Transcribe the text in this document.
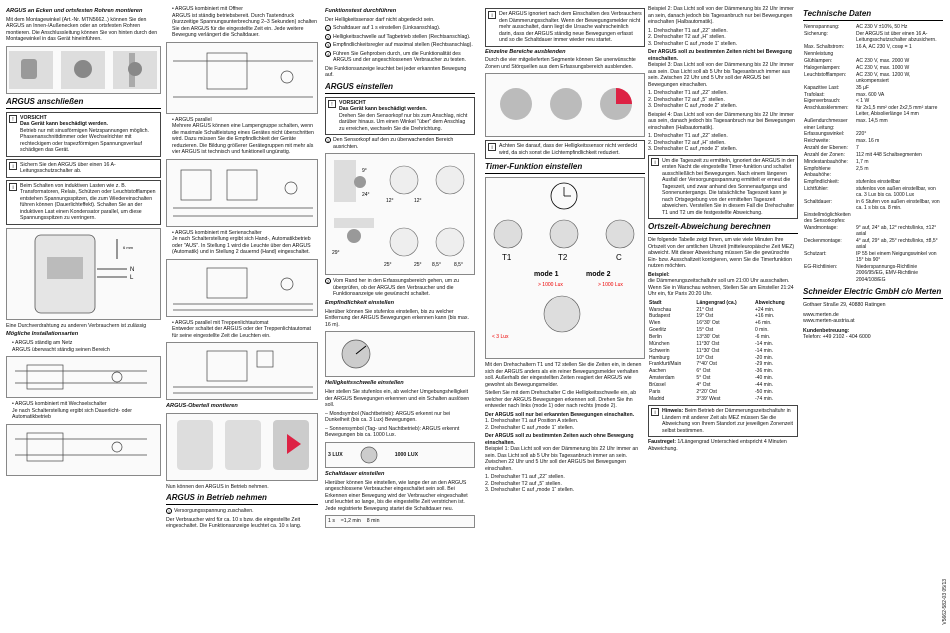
ARGUS an Ecken und ortsfesten Rohren montieren
Mit dem Montagewinkel (Art.-Nr. MTN5662..) können Sie den ARGUS an Innen-/Außenecken oder an ortsfesten Rohren montieren. Die Anschlussleitung können Sie von hinten durch den Montagewinkel in das Gerät hineinführen.
ARGUS anschließen
!	VORSICHT
Das Gerät kann beschädigt werden.
Betrieb nur mit sinusförmigen Netzspannungen möglich. Phasenanschnittdimmer oder Wechselrichter mit rechteckigem oder trapezförmigen Spannungsverlauf schädigen das Gerät.
i	Sichern Sie den ARGUS über einen 16 A-Leitungsschutzschalter ab.
i	Beim Schalten von induktiven Lasten wie z. B. Transformatoren, Relais, Schützen oder Leuchtstofflampen entstehen Spannungsspitzen, die zum Wiedereinschalten führen können (Dauerlichteffekt). Schalten Sie an der induktiven Last einen Kondensator parallel, um diese Spannungsspitzen zu verringern.
N
L
6 mm
Eine Durchverdrahtung zu anderen Verbrauchern ist zulässig
Mögliche Installationsarten
• ARGUS ständig am Netz
ARGUS überwacht ständig seinen Bereich
• ARGUS kombiniert mit Wechselschalter
Je nach Schalterstellung ergibt sich Dauerlicht- oder Automatikbetrieb
• ARGUS kombiniert mit Öffner
ARGUS ist ständig betriebsbereit. Durch Tastendruck (kurzzeitige Spannungsunterbrechung 2–3 Sekunden) schalten Sie den ARGUS für die eingestellte Zeit ein. Jede weitere Bewegung verlängert die Schaltdauer.
• ARGUS parallel
Mehrere ARGUS können eine Lampengruppe schalten, wenn die maximale Schaltleistung eines Gerätes nicht überschritten wird. Dazu müssen Sie die Empfindlichkeit der Geräte reduzieren. Die Bildung größerer Gerätegruppen mit mehr als vier ARGUS ist technisch und funktionell ungünstig.
• ARGUS kombiniert mit Serienschalter
Je nach Schalterstellung ergibt sich Hand-, Automatikbetrieb oder "AUS". In Stellung 1 wird die Leuchte über den ARGUS (Automatik) und in Stellung 2 dauernd (Hand) eingeschaltet.
• ARGUS parallel mit Treppenlichtautomat
Entweder schaltet der ARGUS oder der Treppenlichtautomat für seine eingestellte Zeit die Leuchten ein.
ARGUS-Oberteil montieren
Nun können den ARGUS in Betrieb nehmen.
ARGUS in Betrieb nehmen
1 Versorgungsspannung zuschalten.
Der Verbraucher wird für ca. 10 s bzw. die eingestellte Zeit eingeschaltet. Die Funktionsanzeige leuchtet ca. 10 s lang.
Funktionstest durchführen
Der Helligkeitssensor darf nicht abgedeckt sein.
1 Schaltdauer auf 1 s einstellen (Linksanschlag).
2 Helligkeitsschwelle auf Tagbetrieb stellen (Rechtsanschlag).
3 Empfindlichkeitsregler auf maximal stellen (Rechtsanschlag).
4 Führen Sie Gehproben durch, um die Funktionalität des ARGUS und der angeschlossenen Verbraucher zu testen.
Die Funktionsanzeige leuchtet bei jeder erkannten Bewegung auf.
ARGUS einstellen
!	VORSICHT
Das Gerät kann beschädigt werden.
Drehen Sie den Sensorkopf nur bis zum Anschlag, nicht darüber hinaus. Um einen Winkel "über" dem Anschlag zu erreichen, wechseln Sie die Drehrichtung.
1 Den Sensorkopf auf den zu überwachenden Bereich ausrichten.
9°
24°
12°	12°
29°
25°	25° 8,5°	8,5°
2 Vom Rand her in den Erfassungsbereich gehen, um zu überprüfen, ob der ARGUS den Verbraucher und die Funktionsanzeige wie gewünscht schaltet.
Empfindlichkeit einstellen
Hierüber können Sie stufenlos einstellen, bis zu welcher Entfernung der ARGUS Bewegungen erkennen kann (bis max. 16 m).
Helligkeitsschwelle einstellen
Hier stellen Sie stufenlos ein, ab welcher Umgebungshelligkeit der ARGUS Bewegungen erkennen und ein Schalten auslösen soll.
– Mondsymbol (Nachtbetrieb): ARGUS erkennt nur bei Dunkelheit (bis ca. 3 Lux) Bewegungen.
– Sonnensymbol (Tag- und Nachtbetrieb): ARGUS erkennt Bewegungen bis ca. 1000 Lux.
3 LUX	1000 LUX
Schaltdauer einstellen
Hierüber können Sie einstellen, wie lange der an den ARGUS angeschlossene Verbraucher eingeschaltet sein soll. Bei Erkennen einer Bewegung wird der Verbraucher eingeschaltet und leuchtet so lange, bis die eingestellte Zeit verstrichen ist. Jede registrierte Bewegung startet die Schaltdauer neu.
1 s ≈1,2 min 8 min
i	Der ARGUS ignoriert nach dem Einschalten des Verbrauchers den Dämmerungsschalter. Wenn der Bewegungsmelder nicht mehr ausschaltet, dann liegt die Ursache wahrscheinlich darin, dass der ARGUS ständig neue Bewegungen erfasst und so die Schaltdauer immer wieder neu startet.
Einzelne Bereiche ausblenden
Durch die vier mitgelieferten Segmente können Sie unerwünschte Zonen und Störquellen aus dem Erfassungsbereich ausblenden.
i	Achten Sie darauf, dass der Helligkeitssensor nicht verdeckt wird, da sich sonst die Lichtempfindlichkeit reduziert.
Timer-Funktion einstellen
T1	T2	C
mode 1	mode 2
> 1000 Lux	> 1000 Lux
< 3 Lux
Mit den Drehschaltern T1 und T2 stellen Sie die Zeiten ein, in denen sich der ARGUS anders als ein reiner Bewegungsmelder verhalten soll. Außerhalb der eingestellten Zeiten reagiert der ARGUS wie gewohnt als Bewegungsmelder.
Stellen Sie mit dem Drehschalter C die Helligkeitsschwelle ein, ab welcher der ARGUS Bewegungen erkennen soll. Drehen Sie ihn entweder nach links (mode 1) oder nach rechts (mode 2).
Der ARGUS soll nur bei erkannten Bewegungen einschalten.
1. Drehschalter T1 auf Position A stellen.
2. Drehschalter C auf „mode 1“ stellen.
Der ARGUS soll zu bestimmten Zeiten auch ohne Bewegung einschalten.
Beispiel 1: Das Licht soll von der Dämmerung bis 22 Uhr immer an sein. Das Licht soll ab 5 Uhr bis Tagesanbruch immer an sein. Zwischen 22 Uhr und 5 Uhr soll der ARGUS bei Bewegungen einschalten.
1. Drehschalter T1 auf „22“ stellen.
2. Drehschalter T2 auf „5“ stellen.
3. Drehschalter C auf „mode 1“ stellen.
Beispiel 2: Das Licht soll von der Dämmerung bis 22 Uhr immer an sein, danach jedoch bis Tagesanbruch nur bei Bewegungen einschalten (Halbautomatik).
1. Drehschalter T1 auf „22“ stellen.
2. Drehschalter T2 auf „H“ stellen.
3. Drehschalter C auf „mode 1“ stellen.
Der ARGUS soll zu bestimmten Zeiten nicht bei Bewegung einschalten.
Beispiel 3: Das Licht soll von der Dämmerung bis 22 Uhr immer aus sein. Das Licht soll ab 5 Uhr bis Tagesanbruch immer aus sein. Zwischen 22 Uhr und 5 Uhr soll der ARGUS bei Bewegungen einschalten.
1. Drehschalter T1 auf „22“ stellen.
2. Drehschalter T2 auf „5“ stellen.
3. Drehschalter C auf „mode 2“ stellen.
Beispiel 4: Das Licht soll von der Dämmerung bis 22 Uhr immer aus sein, danach jedoch bis Tagesanbruch nur bei Bewegungen einschalten (Halbautomatik).
1. Drehschalter T1 auf „22“ stellen.
2. Drehschalter T2 auf „H“ stellen.
3. Drehschalter C auf „mode 2“ stellen.
i	Um die Tageszeit zu ermitteln, ignoriert der ARGUS in der ersten Nacht die eingestellte Timer-funktion und schaltet ausschließlich bei Bewegungen. Nach einem längeren Ausfall der Versorgungsspannung ermittelt er erneut die Tageszeit, und zwar anhand des Sonnenaufgangs und Sonnenuntergangs. Die tatsächliche Tageszeit kann je nach Ortsgegebung von der ermittelten Tageszeit abweichen. Verstellen Sie in diesem Fall die Drehschalter T1 und T2 um die festgestellte Abweichung.
Ortszeit-Abweichung berechnen
Die folgende Tabelle zeigt Ihnen, um wie viele Minuten Ihre Ortszeit von der amtlichen Uhrzeit (mitteleuropäische Zeit MEZ) abweicht. Mit dieser Abweichung müssen Sie die gewünschte Ein- bzw. Ausschaltzeit korrigieren, wenn Sie die Timerfunktion nutzen möchten.
Beispiel:
die Dämmerungszeitschaltuhr soll um 21:00 Uhr ausschalten. Wenn Sie in Warschau wohnen, Stellen Sie am Einsteller 21:24 Uhr ein, für Paris 20:20 Uhr.
Stadt	Längengrad (ca.)	Abweichung
Warschau	21° Ost	+24 min.
Budapest	19° Ost	+16 min.
Wien	16°30' Ost	+6 min.
Goerlitz	15° Ost	0 min.
Berlin	13°30' Ost	-6 min.
München	11°30' Ost	-14 min.
Schwerin	11°30' Ost	-14 min.
Hamburg	10° Ost	-20 min.
Frankfurt/Main	7°40' Ost	-29 min.
Aachen	6° Ost	-36 min.
Amsterdam	5° Ost	-40 min.
Brüssel	4° Ost	-44 min.
Paris	2°20' Ost	-50 min.
Madrid	3°39' West	-74 min.
i	Hinweis: Beim Betrieb der Dämmerungszeitschaltuhr in Ländern mit anderer Zeit als MEZ müssen Sie die Abweichung von Ihrem Standort zur jeweiligen Zonenzeit selbst bestimmen.
Faustregel: 1/Längengrad Unterschied entspricht 4 Minuten Abweichung.
Technische Daten
Nennspannung:	AC 230 V ±10%, 50 Hz
Sicherung:	Der ARGUS ist über einen 16 A-Leitungsschutzschalter abzusichern.
Max. Schaltstrom:	16 A, AC 230 V, cosφ = 1
Nennleistung	
Glühlampen:	AC 230 V, max. 2000 W
Halogenlampen:	AC 230 V, max. 1000 W
Leuchtstofflampen:	AC 230 V, max. 1200 W, unkompensiert
Kapazitive Last:	35 µF
Trafolast:	max. 600 VA
Eigenverbrauch:	< 1 W
Anschlussklemmen:	für 2x1,5 mm² oder 2x2,5 mm² starre Leiter, Abisolierlänge 14 mm
Außendurchmesser einer Leitung:	max. 14,5 mm
Erfassungswinkel:	220°
Reichweite:	max. 16 m
Anzahl der Ebenen:	7
Anzahl der Zonen:	112 mit 448 Schaltsegmenten
Mindestanbauhöhe:	1,7 m
Empfohlene Anbauhöhe:	2,5 m
Empfindlichkeit:	stufenlos einstellbar
Lichtfühler:	stufenlos von außen einstellbar, von ca. 3 Lux bis ca. 1000 Lux
Schaltdauer:	in 6 Stufen von außen einstellbar, von ca. 1 s bis ca. 8 min.
Einstellmöglichkeiten des Sensorkopfes:	
Wandmontage:	9° auf, 24° ab, 12° rechts/links, ±12° axial
Deckenmontage:	4° auf, 29° ab, 25° rechts/links, ±8,5° axial
Schutzart:	IP 55 bei einem Neigungswinkel von 15° bis 90°
EG-Richtlinien:	Niederspannungs-Richtlinie 2006/95/EG, EMV-Richtlinie 2004/108/EG
Schneider Electric GmbH c/o Merten
Gothaer Straße 29, 40880 Ratingen
www.merten.de
www.merten-austria.at
Kundenbetreuung:
Telefon: +49 2102 - 404 6000
V5662-582-03 05/13
